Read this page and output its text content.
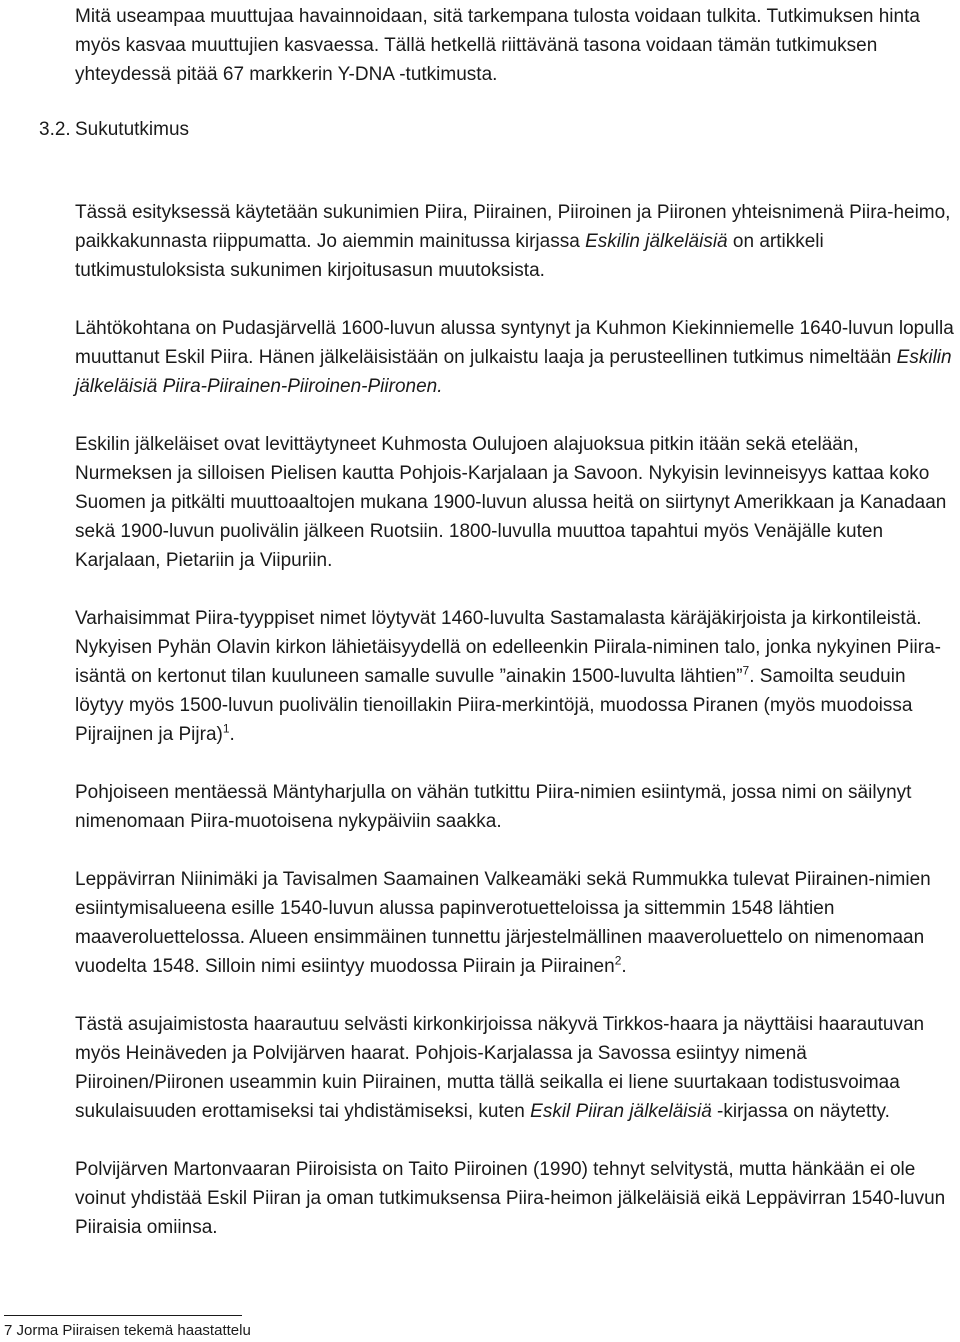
Mitä useampaa muuttujaa havainnoidaan, sitä tarkempana tulosta voidaan tulkita. Tutkimuksen hinta myös kasvaa muuttujien kasvaessa. Tällä hetkellä riittävänä tasona voidaan tämän tutkimuksen yhteydessä pitää 67 markkerin Y-DNA -tutkimusta.

3.2. Sukututkimus

Tässä esityksessä käytetään sukunimien Piira, Piirainen, Piiroinen ja Piironen yhteisnimenä Piira-heimo, paikkakunnasta riippumatta. Jo aiemmin mainitussa kirjassa Eskilin jälkeläisiä on artikkeli tutkimustuloksista sukunimen kirjoitusasun muutoksista.

Lähtökohtana on Pudasjärvellä 1600-luvun alussa syntynyt ja Kuhmon Kiekinniemelle 1640-luvun lopulla muuttanut Eskil Piira. Hänen jälkeläisistään on julkaistu laaja ja perusteellinen tutkimus nimeltään Eskilin jälkeläisiä Piira-Piirainen-Piiroinen-Piironen.

Eskilin jälkeläiset ovat levittäytyneet Kuhmosta Oulujoen alajuoksua pitkin itään sekä etelään, Nurmeksen ja silloisen Pielisen kautta Pohjois-Karjalaan ja Savoon. Nykyisin levinneisyys kattaa koko Suomen ja pitkälti muuttoaaltojen mukana 1900-luvun alussa heitä on siirtynyt Amerikkaan ja Kanadaan sekä 1900-luvun puolivälin jälkeen Ruotsiin. 1800-luvulla muuttoa tapahtui myös Venäjälle kuten Karjalaan, Pietariin ja Viipuriin.

Varhaisimmat Piira-tyyppiset nimet löytyvät 1460-luvulta Sastamalasta käräjäkirjoista ja kirkontileistä. Nykyisen Pyhän Olavin kirkon lähietäisyydellä on edelleenkin Piirala-niminen talo, jonka nykyinen Piira-isäntä on kertonut tilan kuuluneen samalle suvulle ”ainakin 1500-luvulta lähtien”$^7$. Samoilta seuduin löytyy myös 1500-luvun puolivälin tienoillakin Piira-merkintöjä, muodossa Piranen (myös muodoissa Pijraijnen ja Pijra)$^1$.

Pohjoiseen mentäessä Mäntyharjulla on vähän tutkittu Piira-nimien esiintymä, jossa nimi on säilynyt nimenomaan Piira-muotoisena nykypäiviin saakka.

Leppävirran Niinimäki ja Tavisalmen Saamainen Valkeamäki sekä Rummukka tulevat Piirainen-nimien esiintymisalueena esille 1540-luvun alussa papinverotuetteloissa ja sittemmin 1548 lähtien maaveroluettelossa. Alueen ensimmäinen tunnettu järjestelmällinen maaveroluettelo on nimenomaan vuodelta 1548. Silloin nimi esiintyy muodossa Piirain ja Piirainen$^2$.

Tästä asujaimistosta haarautuu selvästi kirkonkirjoissa näkyvä Tirkkos-haara ja näyttäisi haarautuvan myös Heinäveden ja Polvijärven haarat. Pohjois-Karjalassa ja Savossa esiintyy nimenä Piiroinen/Piironen useammin kuin Piirainen, mutta tällä seikalla ei liene suurtakaan todistusvoimaa sukulaisuuden erottamiseksi tai yhdistämiseksi, kuten Eskil Piiran jälkeläisiä -kirjassa on näytetty.

Polvijärven Martonvaaran Piiroisista on Taito Piiroinen (1990) tehnyt selvitystä, mutta hänkään ei ole voinut yhdistää Eskil Piiran ja oman tutkimuksensa Piira-heimon jälkeläisiä eikä Leppävirran 1540-luvun Piiraisia omiinsa.

7 Jorma Piiraisen tekemä haastattelu
